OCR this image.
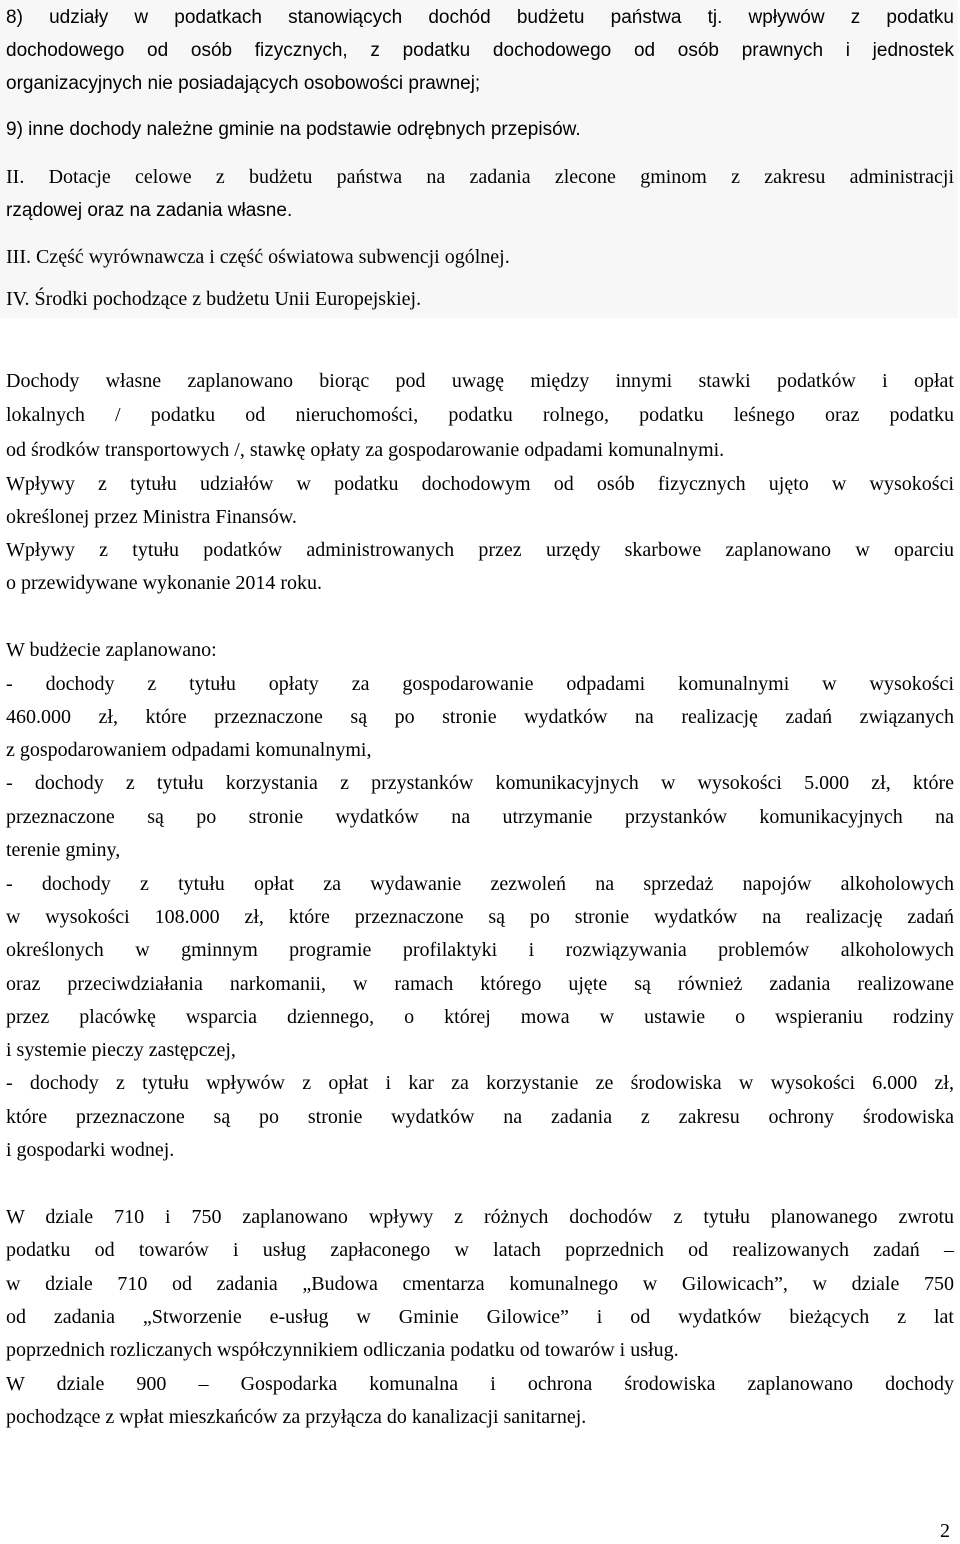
8) udziały w podatkach stanowiących dochód budżetu państwa tj. wpływów z podatku

dochodowego od osób fizycznych, z podatku dochodowego od osób prawnych i jednostek

organizacyjnych nie posiadających osobowości prawnej;

9) inne dochody należne gminie na podstawie odrębnych przepisów.

II. Dotacje celowe z budżetu państwa na zadania zlecone gminom z zakresu administracji

rządowej oraz na zadania własne.

III. Część wyrównawcza i część oświatowa subwencji ogólnej.

IV. Środki pochodzące z budżetu Unii Europejskiej.

Dochody własne zaplanowano biorąc pod uwagę między innymi stawki podatków i opłat

lokalnych / podatku od nieruchomości, podatku rolnego, podatku leśnego oraz podatku

od środków transportowych /, stawkę opłaty za gospodarowanie odpadami komunalnymi.

Wpływy z tytułu udziałów w podatku dochodowym od osób fizycznych ujęto w wysokości

określonej przez Ministra Finansów.

Wpływy z tytułu podatków administrowanych przez urzędy skarbowe zaplanowano w oparciu

o przewidywane wykonanie 2014 roku.

W budżecie zaplanowano:

- dochody z tytułu opłaty za gospodarowanie odpadami komunalnymi w wysokości

460.000 zł, które przeznaczone są po stronie wydatków na realizację zadań związanych

z gospodarowaniem odpadami komunalnymi,

- dochody z tytułu korzystania z przystanków komunikacyjnych w wysokości 5.000 zł, które

przeznaczone są po stronie wydatków na utrzymanie przystanków komunikacyjnych na

terenie gminy,

- dochody z tytułu opłat za wydawanie zezwoleń na sprzedaż napojów alkoholowych

w wysokości 108.000 zł, które przeznaczone są po stronie wydatków na realizację zadań

określonych w gminnym programie profilaktyki i rozwiązywania problemów alkoholowych

oraz przeciwdziałania narkomanii, w ramach którego ujęte są również zadania realizowane

przez placówkę wsparcia dziennego, o której mowa w ustawie o wspieraniu rodziny

i systemie pieczy zastępczej,

- dochody z tytułu wpływów z opłat i kar za korzystanie ze środowiska w wysokości 6.000 zł,

które przeznaczone są po stronie wydatków na zadania z zakresu ochrony środowiska

i gospodarki wodnej.

W dziale 710 i 750 zaplanowano wpływy z różnych dochodów z tytułu planowanego zwrotu

podatku od towarów i usług zapłaconego w latach poprzednich od realizowanych zadań –

w dziale 710 od zadania „Budowa cmentarza komunalnego w Gilowicach”, w dziale 750

od zadania „Stworzenie e-usług w Gminie Gilowice” i od wydatków bieżących z lat

poprzednich rozliczanych współczynnikiem odliczania podatku od towarów i usług.

W dziale 900 – Gospodarka komunalna i ochrona środowiska zaplanowano dochody

pochodzące z wpłat mieszkańców za przyłącza do kanalizacji sanitarnej.

2
